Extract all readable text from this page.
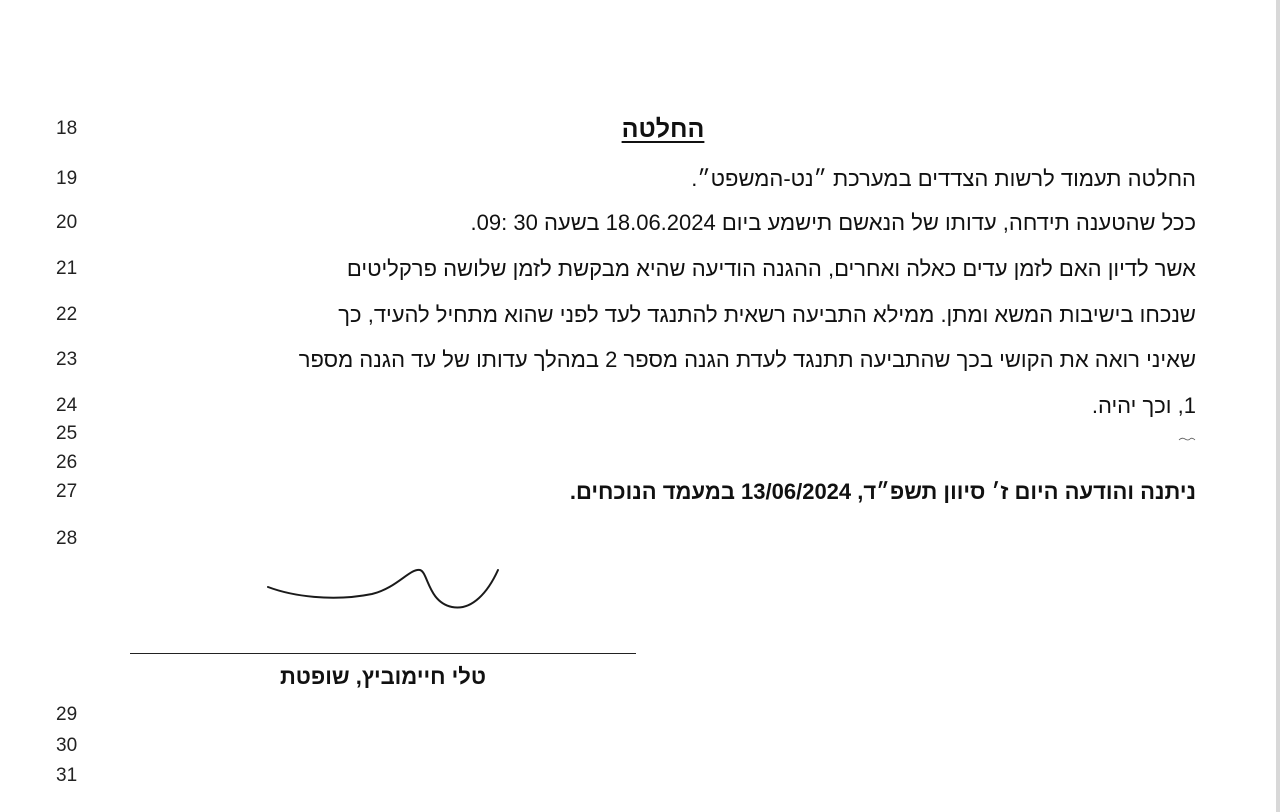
18
19
20
21
22
23
24
25
26
27
28
29
30
31
החלטה
החלטה תעמוד לרשות הצדדים במערכת ״נט-המשפט״.
ככל שהטענה תידחה, עדותו של הנאשם תישמע ביום 18.06.2024 בשעה 30 :09.
אשר לדיון האם לזמן עדים כאלה ואחרים, ההגנה הודיעה שהיא מבקשת לזמן שלושה פרקליטים
שנכחו בישיבות המשא ומתן. ממילא התביעה רשאית להתנגד לעד לפני שהוא מתחיל להעיד, כך
שאיני רואה את הקושי בכך שהתביעה תתנגד לעדת הגנה מספר 2 במהלך עדותו של עד הגנה מספר
1, וכך יהיה.
ניתנה והודעה היום ז׳ סיוון תשפ״ד, 13/06/2024 במעמד הנוכחים.
טלי חיימוביץ, שופטת
